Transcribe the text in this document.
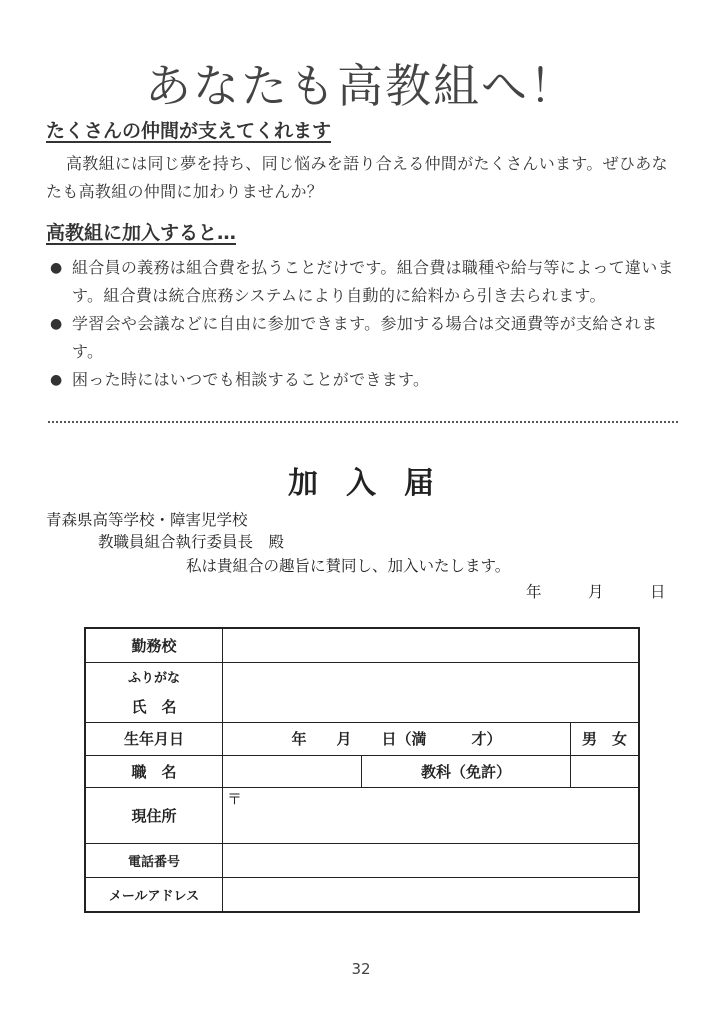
あなたも高教組へ！
たくさんの仲間が支えてくれます
高教組には同じ夢を持ち、同じ悩みを語り合える仲間がたくさんいます。ぜひあなたも高教組の仲間に加わりませんか？
高教組に加入すると…
● 組合員の義務は組合費を払うことだけです。組合費は職種や給与等によって違います。組合費は統合庶務システムにより自動的に給料から引き去られます。
● 学習会や会議などに自由に参加できます。参加する場合は交通費等が支給されます。
● 困った時にはいつでも相談することができます。
加入届
青森県高等学校・障害児学校
教職員組合執行委員長　殿
私は貴組合の趣旨に賛同し、加入いたします。
年　　　月　　　日
勤務校			

ふりがな
氏　名			

生年月日	年　　月　　日（満　　　才）		男　女
職　名		教科（免許）	
現住所	〒		
電話番号			
メールアドレス			
32
